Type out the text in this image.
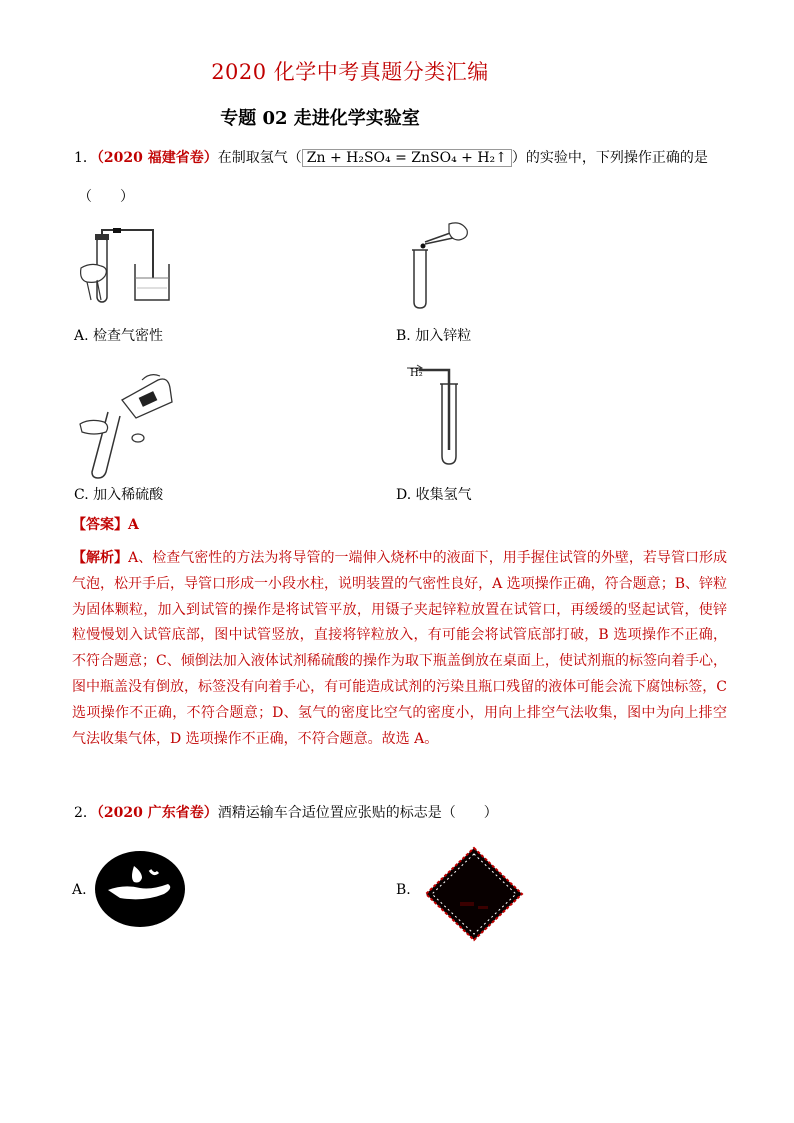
2020 化学中考真题分类汇编
专题 02 走进化学实验室
1．（2020 福建省卷）在制取氢气（ Zn + H₂SO₄ = ZnSO₄ + H₂↑ ）的实验中，下列操作正确的是
（　　）
A. 检查气密性	B. 加入锌粒
C. 加入稀硫酸
H₂
D. 收集氢气
【答案】A
【解析】A、检查气密性的方法为将导管的一端伸入烧杯中的液面下，用手握住试管的外壁，若导管口形成气泡，松开手后，导管口形成一小段水柱，说明装置的气密性良好，A 选项操作正确，符合题意；B、锌粒为固体颗粒，加入到试管的操作是将试管平放，用镊子夹起锌粒放置在试管口，再缓缓的竖起试管，使锌粒慢慢划入试管底部，图中试管竖放，直接将锌粒放入，有可能会将试管底部打破，B 选项操作不正确，不符合题意；C、倾倒法加入液体试剂稀硫酸的操作为取下瓶盖倒放在桌面上，使试剂瓶的标签向着手心，图中瓶盖没有倒放，标签没有向着手心，有可能造成试剂的污染且瓶口残留的液体可能会流下腐蚀标签，C 选项操作不正确，不符合题意；D、氢气的密度比空气的密度小，用向上排空气法收集，图中为向上排空气法收集气体，D 选项操作不正确，不符合题意。故选 A。
2．（2020 广东省卷）酒精运输车合适位置应张贴的标志是（　　）
A.	B.
